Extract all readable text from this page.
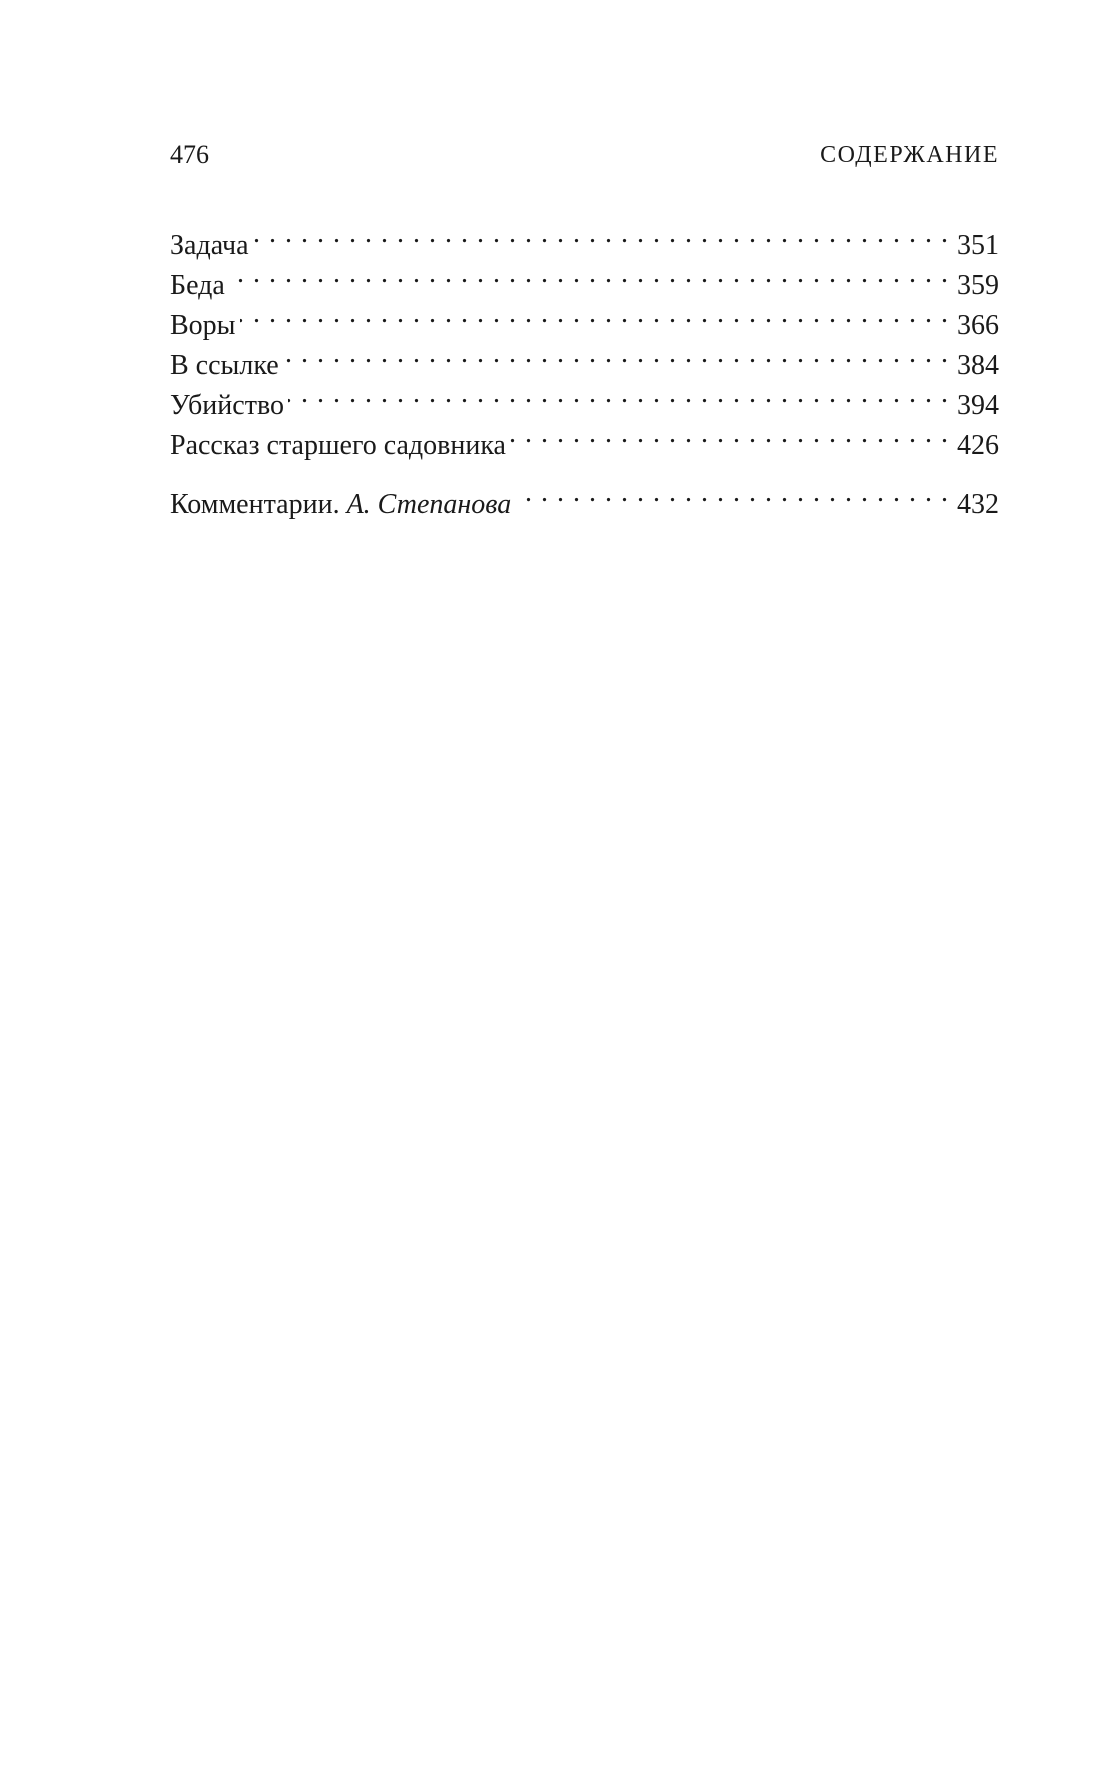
476	СОДЕРЖАНИЕ
Задача . . .	351
Беда . . .	359
Воры . . .	366
В ссылке . . .	384
Убийство . . .	394
Рассказ старшего садовника . . .	426
Комментарии. А. Степанова . . .	432
